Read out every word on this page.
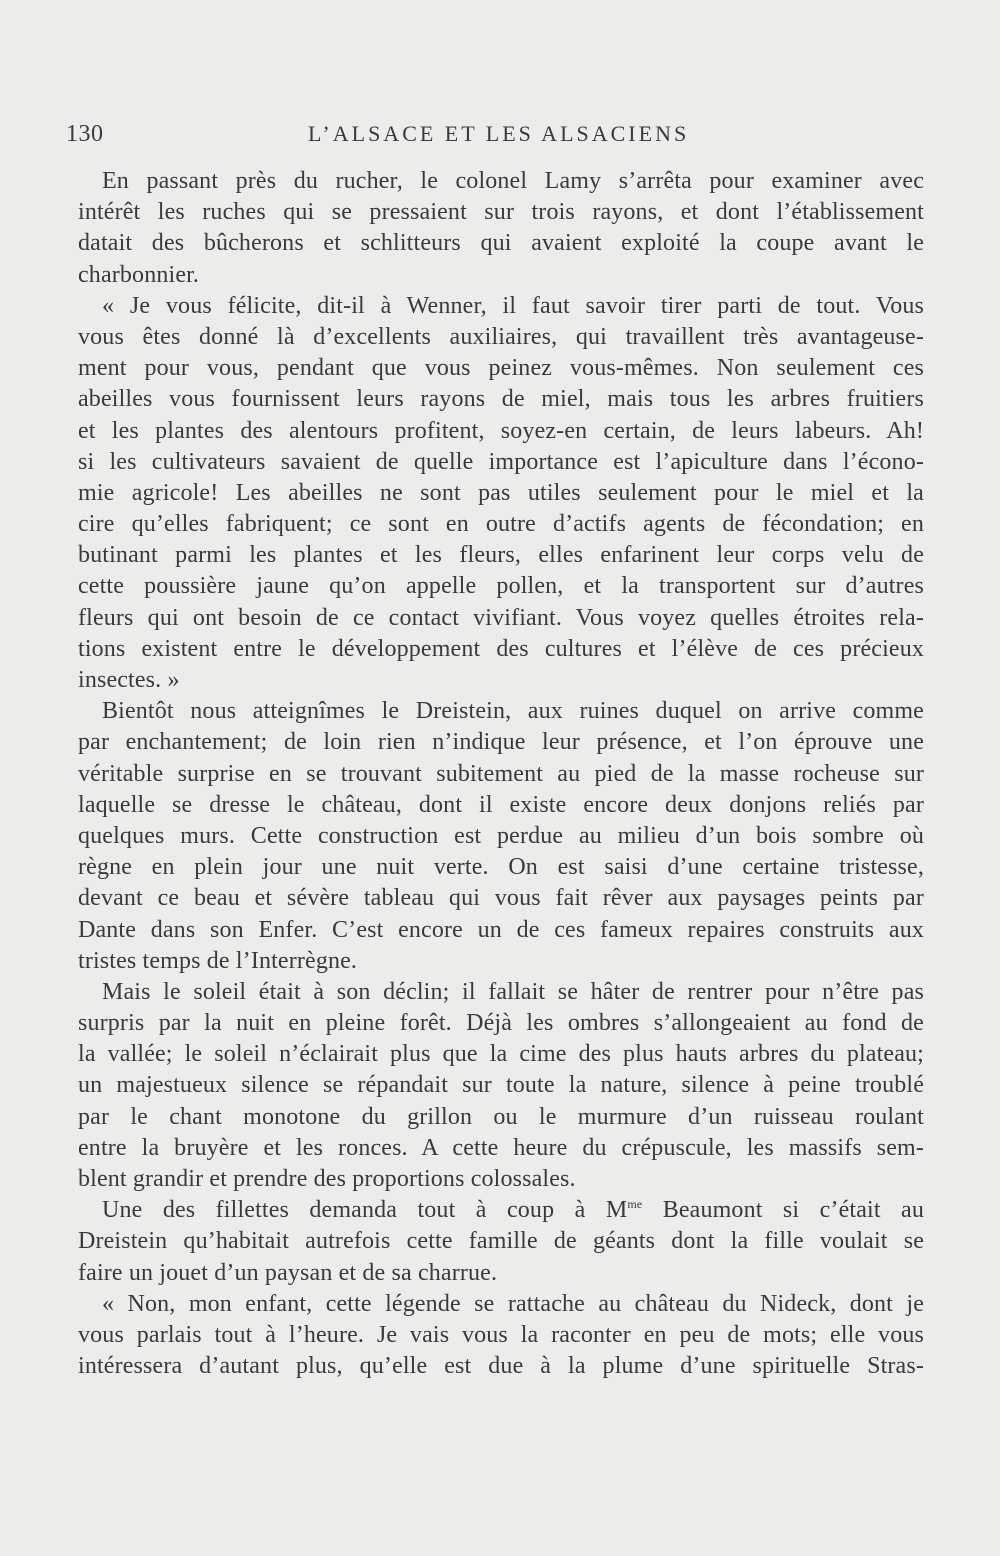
130	L’ALSACE ET LES ALSACIENS
En passant près du rucher, le colonel Lamy s’arrêta pour examiner avec
intérêt les ruches qui se pressaient sur trois rayons, et dont l’établissement
datait des bûcherons et schlitteurs qui avaient exploité la coupe avant le
charbonnier.
« Je vous félicite, dit-il à Wenner, il faut savoir tirer parti de tout. Vous
vous êtes donné là d’excellents auxiliaires, qui travaillent très avantageuse-
ment pour vous, pendant que vous peinez vous-mêmes. Non seulement ces
abeilles vous fournissent leurs rayons de miel, mais tous les arbres fruitiers
et les plantes des alentours profitent, soyez-en certain, de leurs labeurs. Ah!
si les cultivateurs savaient de quelle importance est l’apiculture dans l’écono-
mie agricole! Les abeilles ne sont pas utiles seulement pour le miel et la
cire qu’elles fabriquent; ce sont en outre d’actifs agents de fécondation; en
butinant parmi les plantes et les fleurs, elles enfarinent leur corps velu de
cette poussière jaune qu’on appelle pollen, et la transportent sur d’autres
fleurs qui ont besoin de ce contact vivifiant. Vous voyez quelles étroites rela-
tions existent entre le développement des cultures et l’élève de ces précieux
insectes. »
Bientôt nous atteignîmes le Dreistein, aux ruines duquel on arrive comme
par enchantement; de loin rien n’indique leur présence, et l’on éprouve une
véritable surprise en se trouvant subitement au pied de la masse rocheuse sur
laquelle se dresse le château, dont il existe encore deux donjons reliés par
quelques murs. Cette construction est perdue au milieu d’un bois sombre où
règne en plein jour une nuit verte. On est saisi d’une certaine tristesse,
devant ce beau et sévère tableau qui vous fait rêver aux paysages peints par
Dante dans son Enfer. C’est encore un de ces fameux repaires construits aux
tristes temps de l’Interrègne.
Mais le soleil était à son déclin; il fallait se hâter de rentrer pour n’être pas
surpris par la nuit en pleine forêt. Déjà les ombres s’allongeaient au fond de
la vallée; le soleil n’éclairait plus que la cime des plus hauts arbres du plateau;
un majestueux silence se répandait sur toute la nature, silence à peine troublé
par le chant monotone du grillon ou le murmure d’un ruisseau roulant
entre la bruyère et les ronces. A cette heure du crépuscule, les massifs sem-
blent grandir et prendre des proportions colossales.
Une des fillettes demanda tout à coup à $M^{me}$ Beaumont si c’était au
Dreistein qu’habitait autrefois cette famille de géants dont la fille voulait se
faire un jouet d’un paysan et de sa charrue.
« Non, mon enfant, cette légende se rattache au château du Nideck, dont je
vous parlais tout à l’heure. Je vais vous la raconter en peu de mots; elle vous
intéressera d’autant plus, qu’elle est due à la plume d’une spirituelle Stras-
